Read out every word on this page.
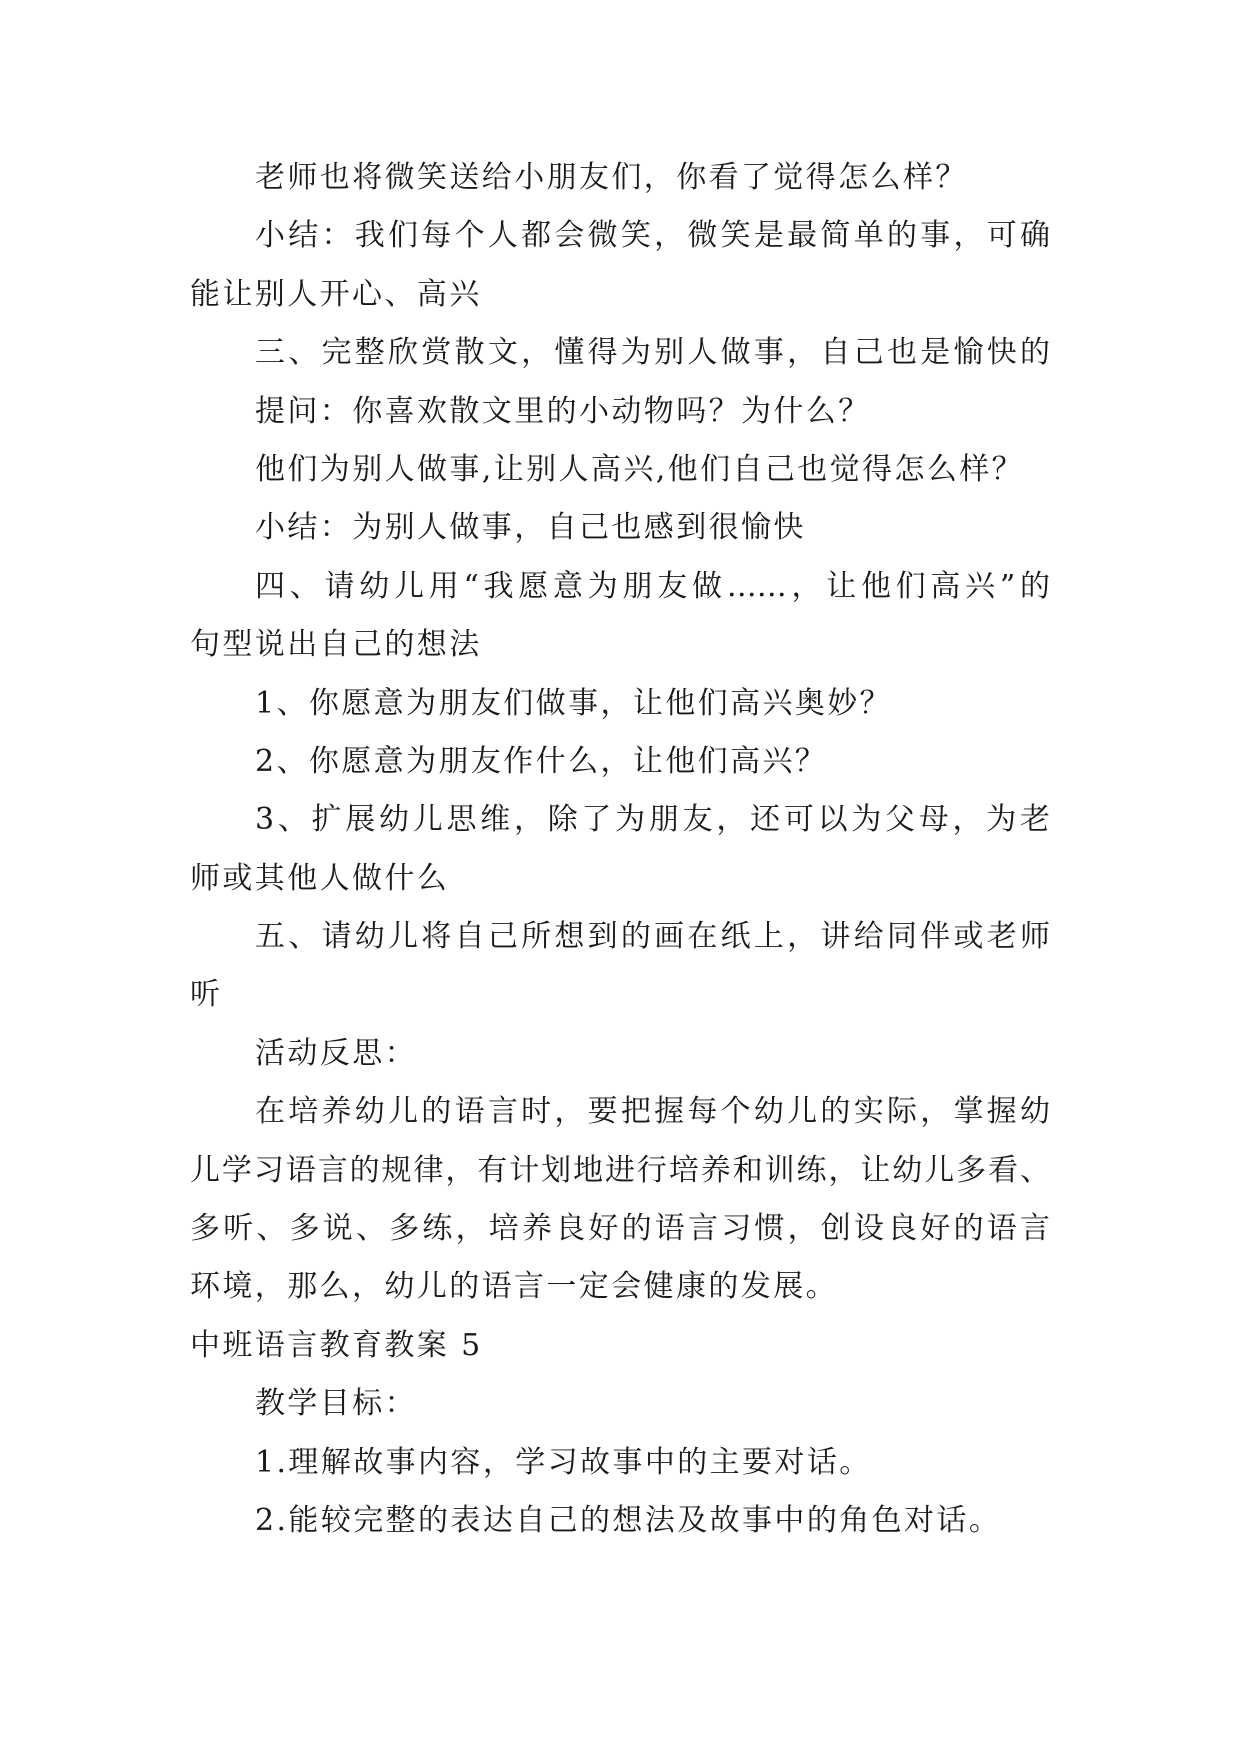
老师也将微笑送给小朋友们，你看了觉得怎么样？
小结：我们每个人都会微笑，微笑是最简单的事，可确
能让别人开心、高兴
三、完整欣赏散文，懂得为别人做事，自己也是愉快的
提问：你喜欢散文里的小动物吗？为什么？
他们为别人做事,让别人高兴,他们自己也觉得怎么样？
小结：为别人做事，自己也感到很愉快
四、请幼儿用“我愿意为朋友做……，让他们高兴”的
句型说出自己的想法
1、你愿意为朋友们做事，让他们高兴奥妙？
2、你愿意为朋友作什么，让他们高兴？
3、扩展幼儿思维，除了为朋友，还可以为父母，为老
师或其他人做什么
五、请幼儿将自己所想到的画在纸上，讲给同伴或老师
听
活动反思：
在培养幼儿的语言时，要把握每个幼儿的实际，掌握幼
儿学习语言的规律，有计划地进行培养和训练，让幼儿多看、
多听、多说、多练，培养良好的语言习惯，创设良好的语言
环境，那么，幼儿的语言一定会健康的发展。
中班语言教育教案 5
教学目标：
1.理解故事内容，学习故事中的主要对话。
2.能较完整的表达自己的想法及故事中的角色对话。
